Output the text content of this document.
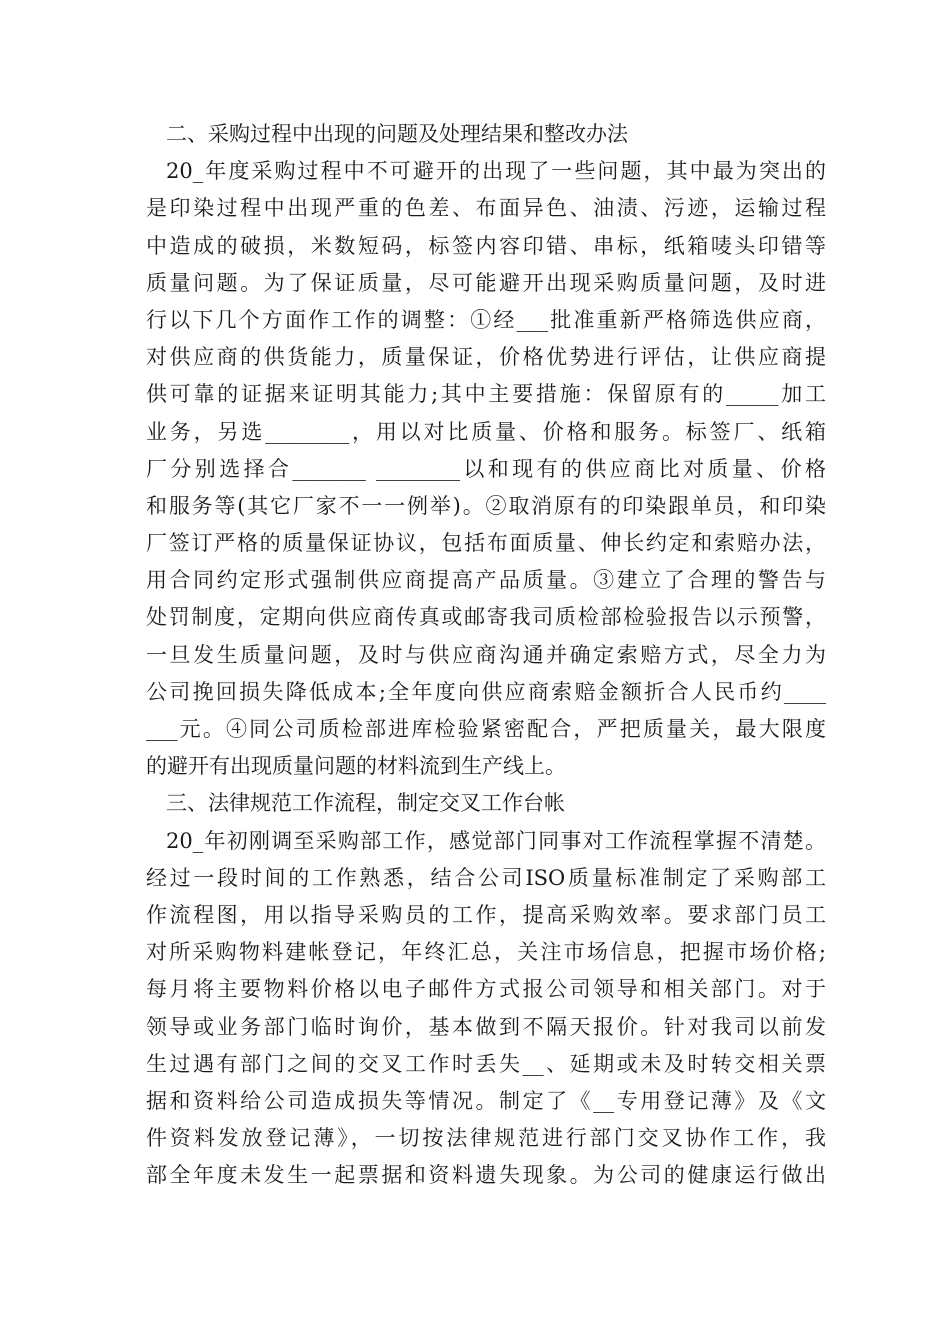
二、采购过程中出现的问题及处理结果和整改办法
20_年度采购过程中不可避开的出现了一些问题，其中最为突出的
是印染过程中出现严重的色差、布面异色、油渍、污迹，运输过程
中造成的破损，米数短码，标签内容印错、串标，纸箱唛头印错等
质量问题。为了保证质量，尽可能避开出现采购质量问题，及时进
行以下几个方面作工作的调整：①经___批准重新严格筛选供应商，
对供应商的供货能力，质量保证，价格优势进行评估，让供应商提
供可靠的证据来证明其能力;其中主要措施：保留原有的_____加工
业务，另选________，用以对比质量、价格和服务。标签厂、纸箱
厂分别选择合_______ ________以和现有的供应商比对质量、价格
和服务等(其它厂家不一一例举)。②取消原有的印染跟单员，和印染
厂签订严格的质量保证协议，包括布面质量、伸长约定和索赔办法，
用合同约定形式强制供应商提高产品质量。③建立了合理的警告与
处罚制度，定期向供应商传真或邮寄我司质检部检验报告以示预警，
一旦发生质量问题，及时与供应商沟通并确定索赔方式，尽全力为
公司挽回损失降低成本;全年度向供应商索赔金额折合人民币约____
___元。④同公司质检部进库检验紧密配合，严把质量关，最大限度
的避开有出现质量问题的材料流到生产线上。
三、法律规范工作流程，制定交叉工作台帐
20_年初刚调至采购部工作，感觉部门同事对工作流程掌握不清楚。
经过一段时间的工作熟悉，结合公司ISO质量标准制定了采购部工
作流程图，用以指导采购员的工作，提高采购效率。要求部门员工
对所采购物料建帐登记，年终汇总，关注市场信息，把握市场价格;
每月将主要物料价格以电子邮件方式报公司领导和相关部门。对于
领导或业务部门临时询价，基本做到不隔天报价。针对我司以前发
生过遇有部门之间的交叉工作时丢失__、延期或未及时转交相关票
据和资料给公司造成损失等情况。制定了《__专用登记薄》及《文
件资料发放登记薄》，一切按法律规范进行部门交叉协作工作，我
部全年度未发生一起票据和资料遗失现象。为公司的健康运行做出
